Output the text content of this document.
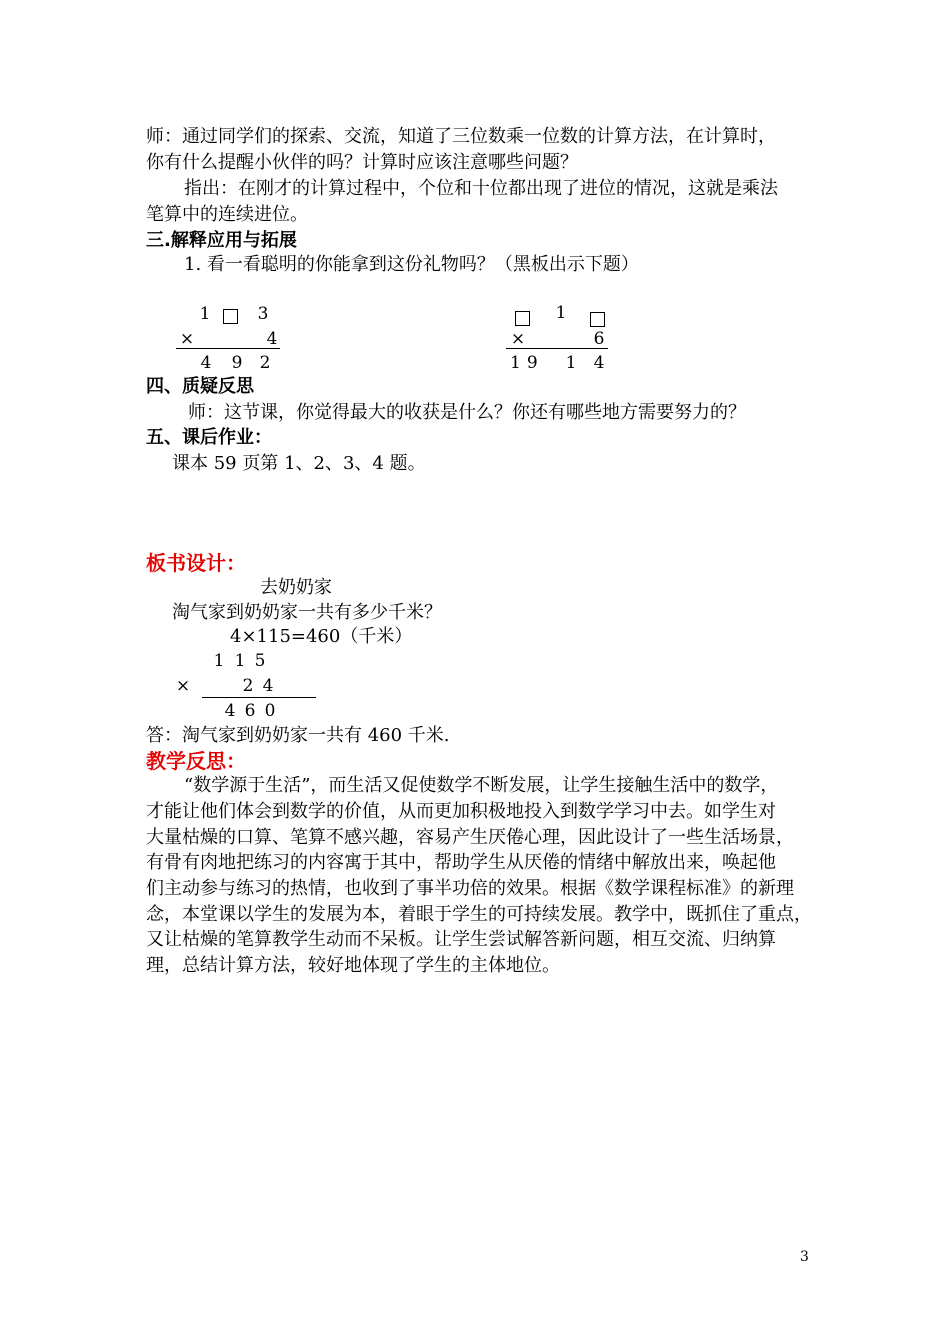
师：通过同学们的探索、交流，知道了三位数乘一位数的计算方法，在计算时，
你有什么提醒小伙伴的吗？计算时应该注意哪些问题？
指出：在刚才的计算过程中，个位和十位都出现了进位的情况，这就是乘法
笔算中的连续进位。
三.解释应用与拓展
1. 看一看聪明的你能拿到这份礼物吗？（黑板出示下题）
1	3
×	4
4 9 2
1
×	6
19 1 4
四、质疑反思
师：这节课，你觉得最大的收获是什么？你还有哪些地方需要努力的？
五、课后作业：
课本 59 页第 1、2、3、4 题。
板书设计：
去奶奶家
淘气家到奶奶家一共有多少千米？
4×115=460（千米）
1 1 5
×	2 4
4 6 0
答：淘气家到奶奶家一共有 460 千米.
教学反思：
“数学源于生活”，而生活又促使数学不断发展，让学生接触生活中的数学，
才能让他们体会到数学的价值，从而更加积极地投入到数学学习中去。如学生对
大量枯燥的口算、笔算不感兴趣，容易产生厌倦心理，因此设计了一些生活场景，
有骨有肉地把练习的内容寓于其中，帮助学生从厌倦的情绪中解放出来，唤起他
们主动参与练习的热情，也收到了事半功倍的效果。根据《数学课程标准》的新理
念，本堂课以学生的发展为本，着眼于学生的可持续发展。教学中，既抓住了重点，
又让枯燥的笔算教学生动而不呆板。让学生尝试解答新问题，相互交流、归纳算
理，总结计算方法，较好地体现了学生的主体地位。
3
